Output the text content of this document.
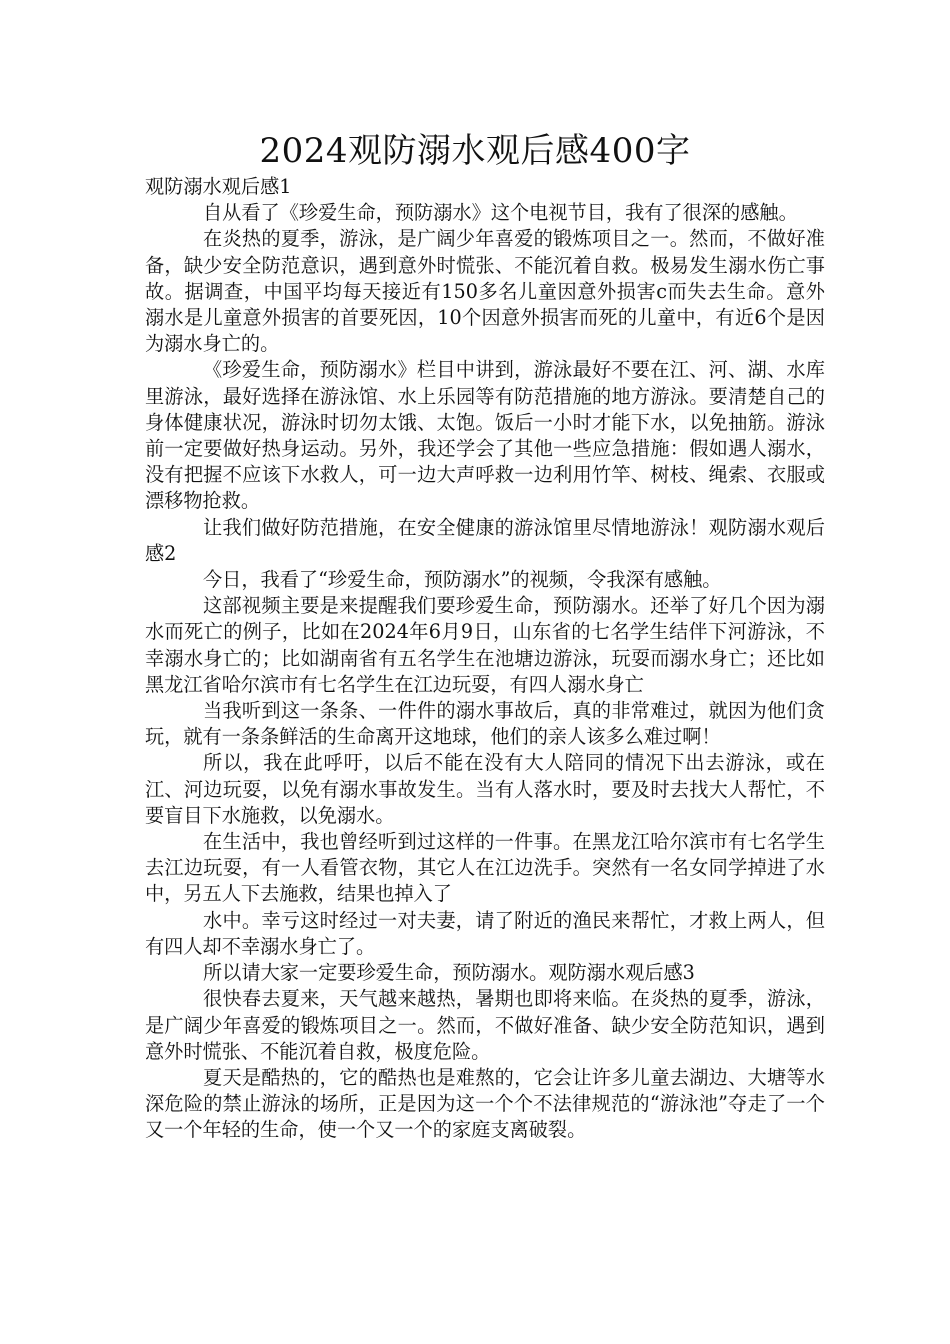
2024观防溺水观后感400字

观防溺水观后感1

自从看了《珍爱生命，预防溺水》这个电视节目，我有了很深的感触。

在炎热的夏季，游泳，是广阔少年喜爱的锻炼项目之一。然而，不做好准备，缺少安全防范意识，遇到意外时慌张、不能沉着自救。极易发生溺水伤亡事故。据调查，中国平均每天接近有150多名儿童因意外损害c而失去生命。意外溺水是儿童意外损害的首要死因，10个因意外损害而死的儿童中，有近6个是因为溺水身亡的。

《珍爱生命，预防溺水》栏目中讲到，游泳最好不要在江、河、湖、水库里游泳，最好选择在游泳馆、水上乐园等有防范措施的地方游泳。要清楚自己的身体健康状况，游泳时切勿太饿、太饱。饭后一小时才能下水，以免抽筋。游泳前一定要做好热身运动。另外，我还学会了其他一些应急措施：假如遇人溺水，没有把握不应该下水救人，可一边大声呼救一边利用竹竿、树枝、绳索、衣服或漂移物抢救。

让我们做好防范措施，在安全健康的游泳馆里尽情地游泳！观防溺水观后感2

今日，我看了“珍爱生命，预防溺水”的视频，令我深有感触。

这部视频主要是来提醒我们要珍爱生命，预防溺水。还举了好几个因为溺水而死亡的例子，比如在2024年6月9日，山东省的七名学生结伴下河游泳，不幸溺水身亡的；比如湖南省有五名学生在池塘边游泳，玩耍而溺水身亡；还比如黑龙江省哈尔滨市有七名学生在江边玩耍，有四人溺水身亡

当我听到这一条条、一件件的溺水事故后，真的非常难过，就因为他们贪玩，就有一条条鲜活的生命离开这地球，他们的亲人该多么难过啊！

所以，我在此呼吁，以后不能在没有大人陪同的情况下出去游泳，或在江、河边玩耍，以免有溺水事故发生。当有人落水时，要及时去找大人帮忙，不要盲目下水施救，以免溺水。

在生活中，我也曾经听到过这样的一件事。在黑龙江哈尔滨市有七名学生去江边玩耍，有一人看管衣物，其它人在江边洗手。突然有一名女同学掉进了水中，另五人下去施救，结果也掉入了

水中。幸亏这时经过一对夫妻，请了附近的渔民来帮忙，才救上两人，但有四人却不幸溺水身亡了。

所以请大家一定要珍爱生命，预防溺水。观防溺水观后感3

很快春去夏来，天气越来越热，暑期也即将来临。在炎热的夏季，游泳，是广阔少年喜爱的锻炼项目之一。然而，不做好准备、缺少安全防范知识，遇到意外时慌张、不能沉着自救，极度危险。

夏天是酷热的，它的酷热也是难熬的，它会让许多儿童去湖边、大塘等水深危险的禁止游泳的场所，正是因为这一个个不法律规范的“游泳池”夺走了一个又一个年轻的生命，使一个又一个的家庭支离破裂。
